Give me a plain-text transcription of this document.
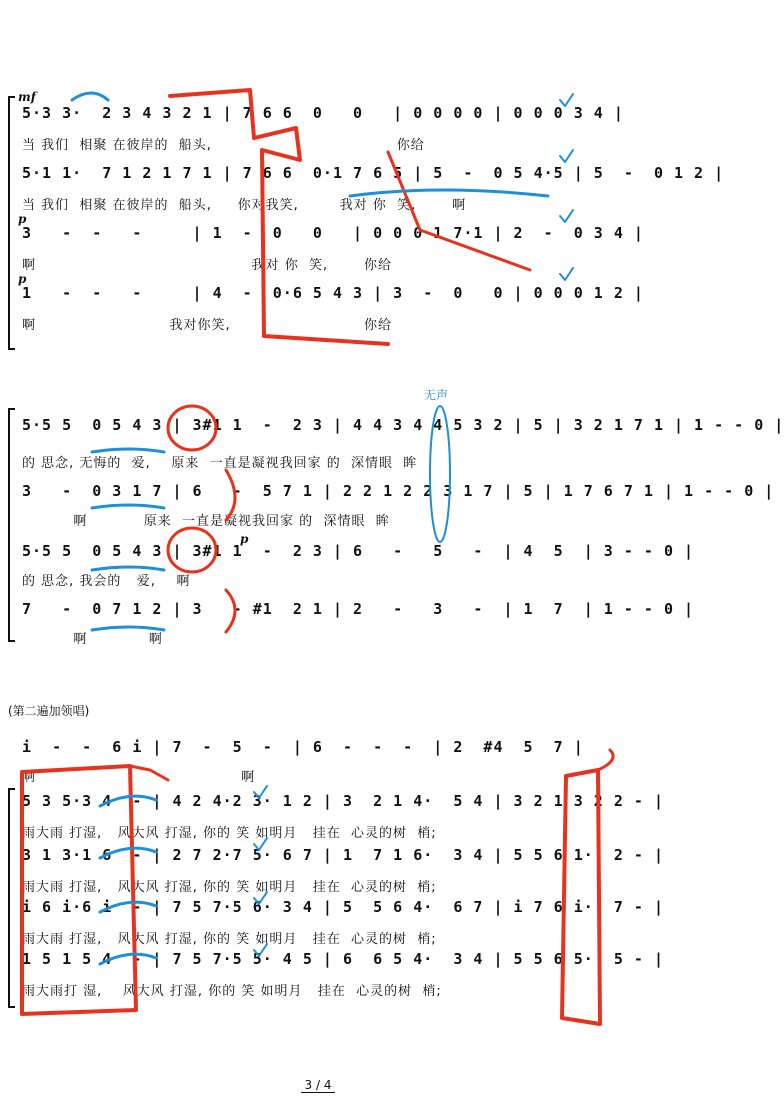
mf
5·3 3·  2 3 4 3 2 1 | 7 6 6  0   0   | 0 0 0 0 | 0 0 0 3 4 |
当 我们  相聚 在彼岸的  船头,                                    你给
5·1 1·  7 1 2 1 7 1 | 7 6 6  0·1 7 6 5 | 5  -  0 5 4·5 | 5  -  0 1 2 |
当 我们  相聚 在彼岸的  船头,     你对我笑,        我对 你  笑,       啊
p
3   -  -   -     | 1  -  0   0   | 0 0 0 1 7·1 | 2  -  0 3 4 |
啊                                          我对 你  笑,       你给
p
1   -  -   -     | 4  -  0·6 5 4 3 | 3  -  0   0 | 0 0 0 1 2 |
啊                          我对你笑,                          你给
5·5 5  0 5 4 3 | 3#1 1  -  2 3 | 4 4 3 4 4 5 3 2 | 5 | 3 2 1 7 1 | 1 - - 0 |
的 思念, 无悔的  爱,    原来  一直是凝视我回家 的  深情眼  眸
3   -  0 3 1 7 | 6   -  5 7 1 | 2 2 1 2 2 3 1 7 | 5 | 1 7 6 7 1 | 1 - - 0 |
啊           原来  一直是凝视我回家 的  深情眼  眸
p
5·5 5  0 5 4 3 | 3#1 1  -  2 3 | 6   -   5   -  | 4  5  | 3 - - 0 |
的 思念, 我会的   爱,    啊
7   -  0 7 1 2 | 3   - #1  2 1 | 2   -   3   -  | 1  7  | 1 - - 0 |
啊            啊
无声
(第二遍加领唱)
i  -  -  6 i | 7  -  5  -  | 6  -  -  -  | 2  #4  5  7 |
啊                                        啊
5 3 5·3 4  - | 4 2 4·2 3· 1 2 | 3  2 1 4·  5 4 | 3 2 1 3 2 2 - |
雨大雨 打湿,   风大风 打湿, 你的 笑 如明月   挂在  心灵的树  梢;
3 1 3·1 6  - | 2 7 2·7 5· 6 7 | 1  7 1 6·  3 4 | 5 5 6 1·  2 - |
雨大雨 打湿,   风大风 打湿, 你的 笑 如明月   挂在  心灵的树  梢;
i 6 i·6 i  - | 7 5 7·5 6· 3 4 | 5  5 6 4·  6 7 | i 7 6 i·  7 - |
雨大雨 打湿,   风大风 打湿, 你的 笑 如明月   挂在  心灵的树  梢;
1 5 1 5 4  - | 7 5 7·5 5· 4 5 | 6  6 5 4·  3 4 | 5 5 6 5·  5 - |
雨大雨打 湿,    风大风 打湿, 你的 笑 如明月   挂在  心灵的树  梢;
3 / 4
